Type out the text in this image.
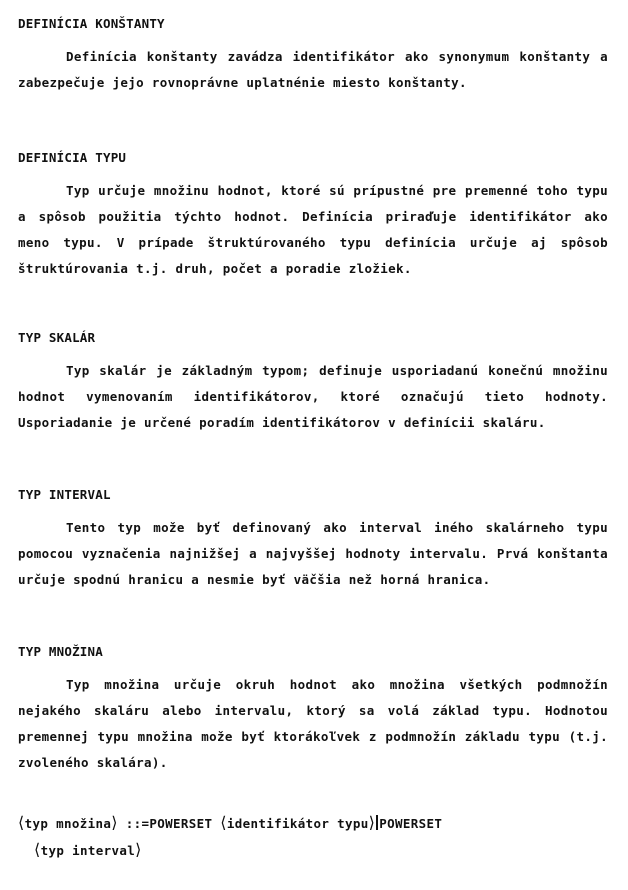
DEFINÍCIA KONŠTANTY

Definícia konštanty zavádza identifikátor ako synonymum konštanty a zabezpečuje jejo rovnoprávne uplatnénie miesto konštanty.

DEFINÍCIA TYPU

Typ určuje množinu hodnot, ktoré sú prípustné pre premenné toho typu a spôsob použitia týchto hodnot. Definícia priraďuje identifikátor ako meno typu. V prípade štruktúrovaného typu definícia určuje aj spôsob štruktúrovania t.j. druh, počet a poradie zložiek.

TYP SKALÁR

Typ skalár je základným typom; definuje usporiadanú konečnú množinu hodnot vymenovaním identifikátorov, ktoré označujú tieto hodnoty. Usporiadanie je určené poradím identifikátorov v definícii skaláru.

TYP INTERVAL

Tento typ može byť definovaný ako interval iného skalárneho typu pomocou vyznačenia najnižšej a najvyššej hodnoty intervalu. Prvá konštanta určuje spodnú hranicu a nesmie byť väčšia než horná hranica.

TYP MNOŽINA

Typ množina určuje okruh hodnot ako množina všetkých podmnožín nejakého skaláru alebo intervalu, ktorý sa volá základ typu. Hodnotou premennej typu množina može byť ktorákoľvek z podmnožín základu typu (t.j. zvoleného skalára).

⟨typ množina⟩ ::=POWERSET ⟨identifikátor typu⟩ POWERSET
⟨typ interval⟩
